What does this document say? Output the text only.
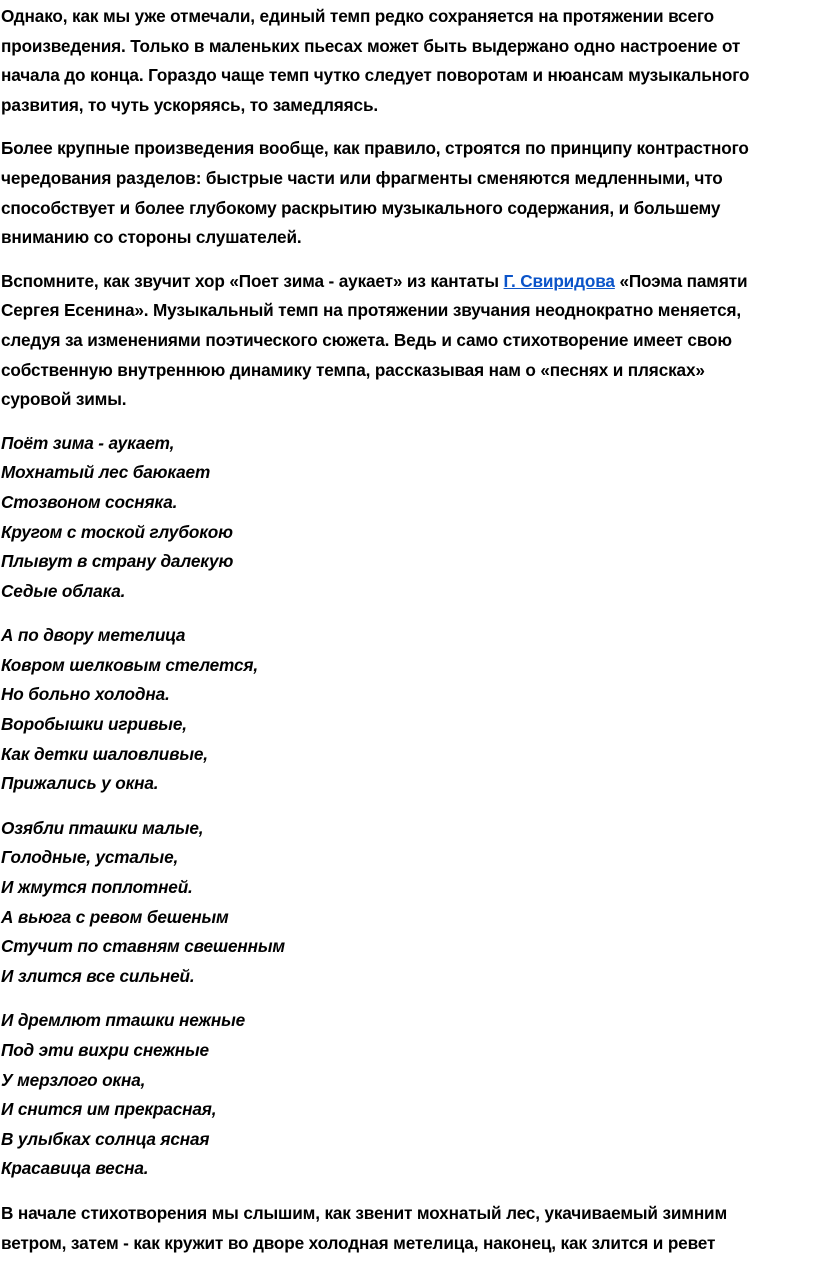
Однако, как мы уже отмечали, единый темп редко сохраняется на протяжении всего
произведения. Только в маленьких пьесах может быть выдержано одно настроение от
начала до конца. Гораздо чаще темп чутко следует поворотам и нюансам музыкального
развития, то чуть ускоряясь, то замедляясь.

Более крупные произведения вообще, как правило, строятся по принципу контрастного
чередования разделов: быстрые части или фрагменты сменяются медленными, что
способствует и более глубокому раскрытию музыкального содержания, и большему
вниманию со стороны слушателей.

Вспомните, как звучит хор «Поет зима - аукает» из кантаты Г. Свиридова «Поэма памяти
Сергея Есенина». Музыкальный темп на протяжении звучания неоднократно меняется,
следуя за изменениями поэтического сюжета. Ведь и само стихотворение имеет свою
собственную внутреннюю динамику темпа, рассказывая нам о «песнях и плясках»
суровой зимы.

Поёт зима - аукает,
Мохнатый лес баюкает
Стозвоном сосняка.
Кругом с тоской глубокою
Плывут в страну далекую
Седые облака.
А по двору метелица
Ковром шелковым стелется,
Но больно холодна.
Воробышки игривые,
Как детки шаловливые,
Прижались у окна.
Озябли пташки малые,
Голодные, усталые,
И жмутся поплотней.
А вьюга с ревом бешеным
Стучит по ставням свешенным
И злится все сильней.
И дремлют пташки нежные
Под эти вихри снежные
У мерзлого окна,
И снится им прекрасная,
В улыбках солнца ясная
Красавица весна.

В начале стихотворения мы слышим, как звенит мохнатый лес, укачиваемый зимним
ветром, затем - как кружит во дворе холодная метелица, наконец, как злится и ревет
